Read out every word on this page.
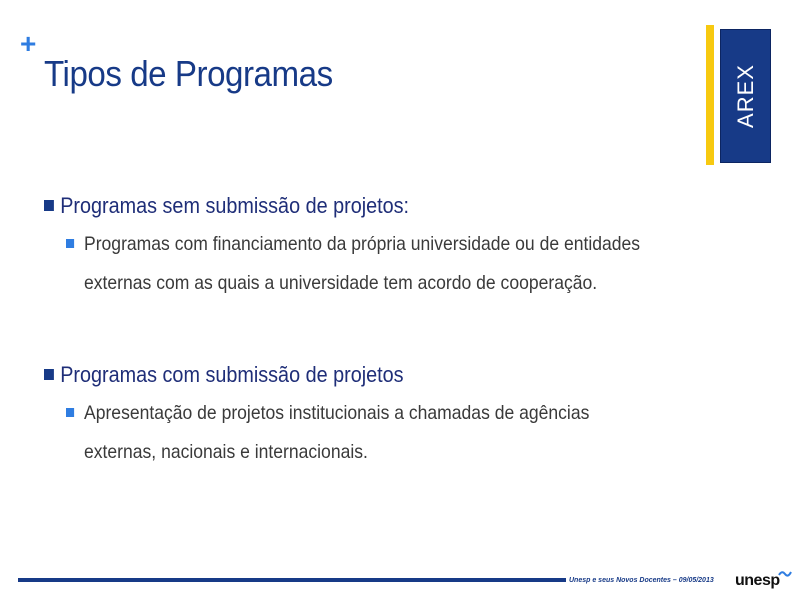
+
Tipos de Programas	AREX
Programas sem submissão de projetos:
Programas com financiamento da própria universidade ou de entidades externas com as quais a universidade tem acordo de cooperação.
Programas com submissão de projetos
Apresentação de projetos institucionais a chamadas de agências externas, nacionais e internacionais.
Unesp e seus Novos Docentes – 09/05/2013 unesp
